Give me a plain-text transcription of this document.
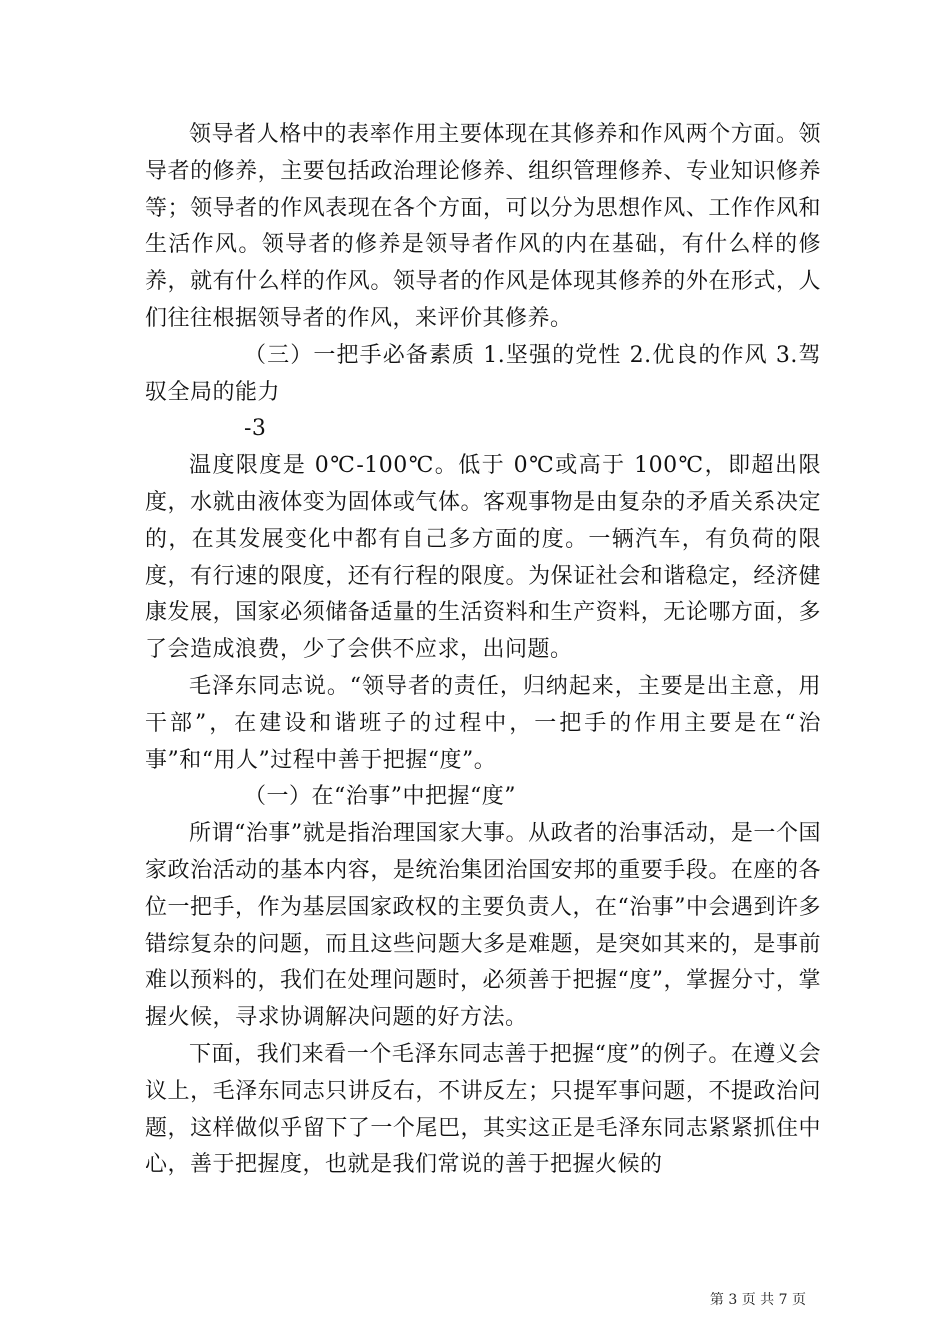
领导者人格中的表率作用主要体现在其修养和作风两个方面。领导者的修养，主要包括政治理论修养、组织管理修养、专业知识修养等；领导者的作风表现在各个方面，可以分为思想作风、工作作风和生活作风。领导者的修养是领导者作风的内在基础，有什么样的修养，就有什么样的作风。领导者的作风是体现其修养的外在形式，人们往往根据领导者的作风，来评价其修养。

（三）一把手必备素质 1.坚强的党性 2.优良的作风 3.驾驭全局的能力

-3

温度限度是 0℃-100℃。低于 0℃或高于 100℃，即超出限度，水就由液体变为固体或气体。客观事物是由复杂的矛盾关系决定的，在其发展变化中都有自己多方面的度。一辆汽车，有负荷的限度，有行速的限度，还有行程的限度。为保证社会和谐稳定，经济健康发展，国家必须储备适量的生活资料和生产资料，无论哪方面，多了会造成浪费，少了会供不应求，出问题。

毛泽东同志说。“领导者的责任，归纳起来，主要是出主意，用干部”，在建设和谐班子的过程中，一把手的作用主要是在“治事”和“用人”过程中善于把握“度”。

（一）在“治事”中把握“度”

所谓“治事”就是指治理国家大事。从政者的治事活动，是一个国家政治活动的基本内容，是统治集团治国安邦的重要手段。在座的各位一把手，作为基层国家政权的主要负责人，在“治事”中会遇到许多错综复杂的问题，而且这些问题大多是难题，是突如其来的，是事前难以预料的，我们在处理问题时，必须善于把握“度”，掌握分寸，掌握火候，寻求协调解决问题的好方法。

下面，我们来看一个毛泽东同志善于把握“度”的例子。在遵义会议上，毛泽东同志只讲反右，不讲反左；只提军事问题，不提政治问题，这样做似乎留下了一个尾巴，其实这正是毛泽东同志紧紧抓住中心，善于把握度，也就是我们常说的善于把握火候的

第 3 页 共 7 页
